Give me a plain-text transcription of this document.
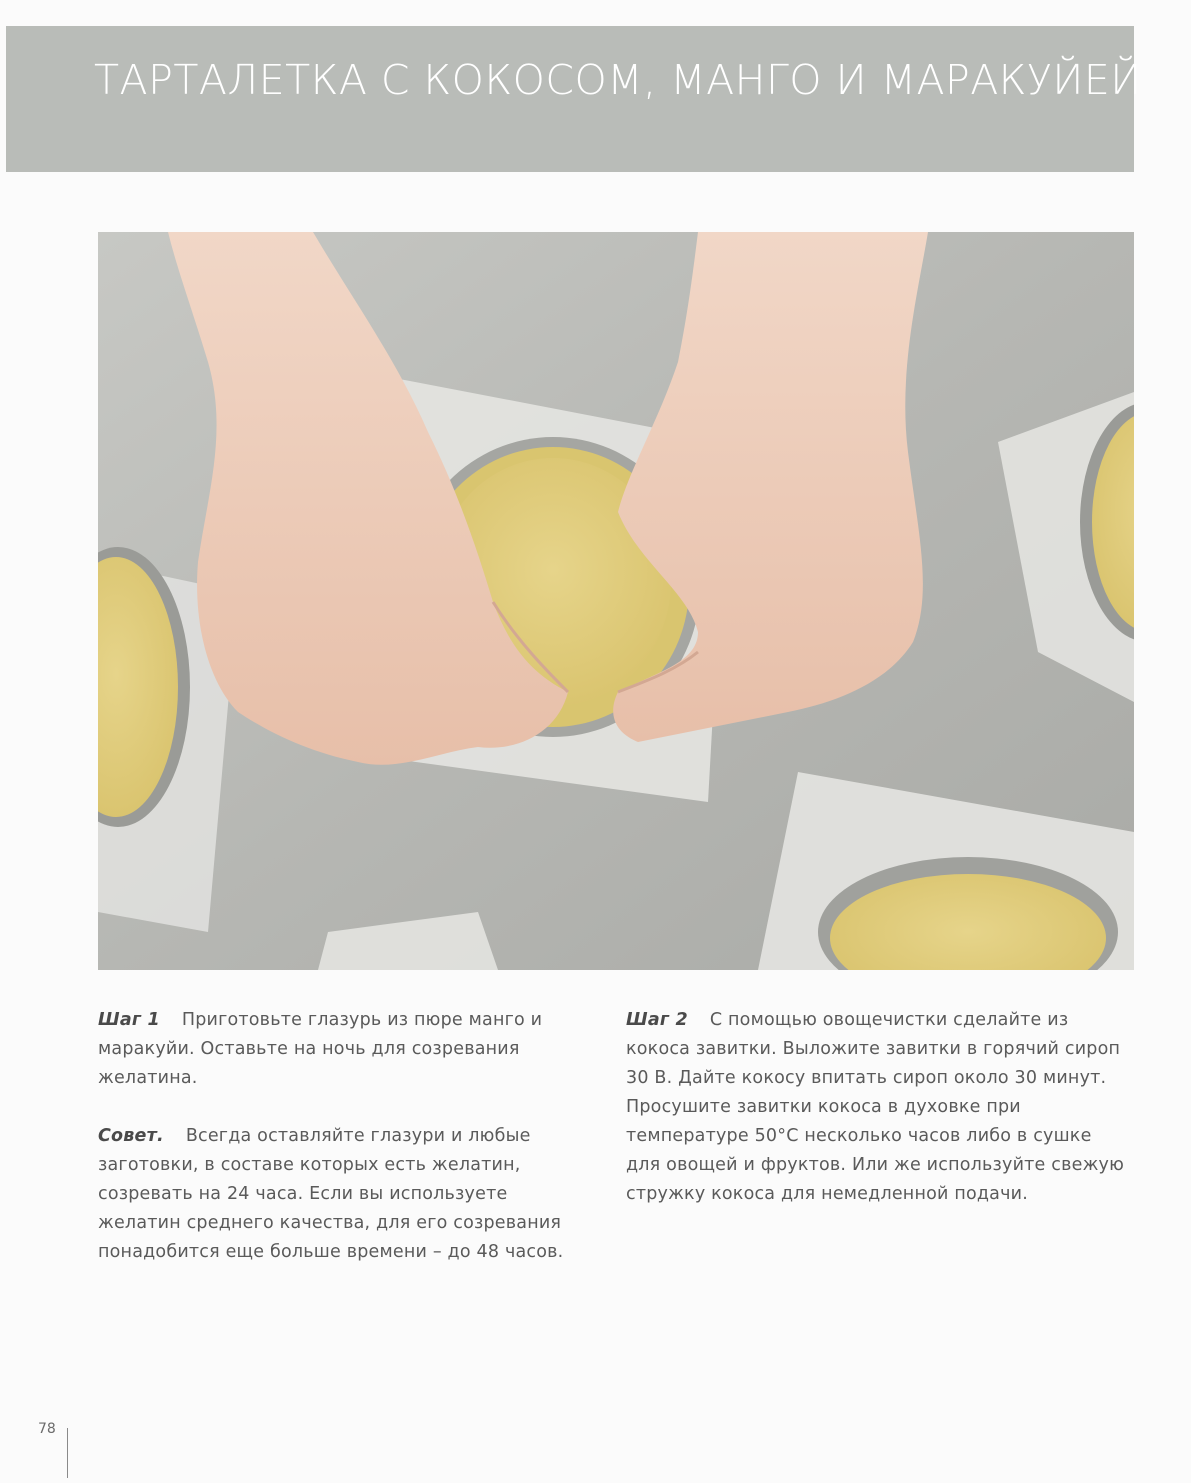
ТАРТАЛЕТКА С КОКОСОМ, МАНГО И МАРАКУЙЕЙ

Шаг 1 Приготовьте глазурь из пюре манго и маракуйи. Оставьте на ночь для созревания желатина.

Совет. Всегда оставляйте глазури и любые заготовки, в составе которых есть желатин, созревать на 24 часа. Если вы используете желатин среднего качества, для его созревания понадобится еще больше времени – до 48 часов.

Шаг 2 С помощью овощечистки сделайте из кокоса завитки. Выложите завитки в горячий сироп 30 В. Дайте кокосу впитать сироп около 30 минут. Просушите завитки кокоса в духовке при температуре 50°С несколько часов либо в сушке для овощей и фруктов. Или же используйте свежую стружку кокоса для немедленной подачи.

78
